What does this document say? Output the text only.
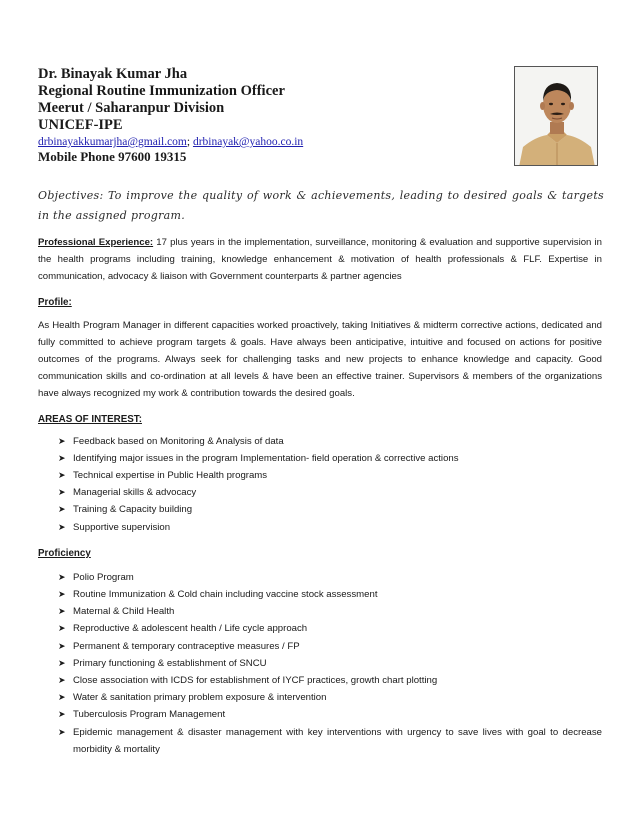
Dr. Binayak Kumar Jha
Regional Routine Immunization Officer
Meerut / Saharanpur Division
UNICEF-IPE
drbinayakkumarjha@gmail.com; drbinayak@yahoo.co.in
Mobile Phone 97600 19315
Objectives: To improve the quality of work & achievements, leading to desired goals & targets in the assigned program.

Professional Experience: 17 plus years in the implementation, surveillance, monitoring & evaluation and supportive supervision in the health programs including training, knowledge enhancement & motivation of health professionals & FLF. Expertise in communication, advocacy & liaison with Government counterparts & partner agencies

Profile:

As Health Program Manager in different capacities worked proactively, taking Initiatives & midterm corrective actions, dedicated and fully committed to achieve program targets & goals. Have always been anticipative, intuitive and focused on actions for positive outcomes of the programs. Always seek for challenging tasks and new projects to enhance knowledge and capacity. Good communication skills and co-ordination at all levels & have been an effective trainer. Supervisors & members of the organizations have always recognized my work & contribution towards the desired goals.

AREAS OF INTEREST:

➤ Feedback based on Monitoring & Analysis of data
➤ Identifying major issues in the program Implementation- field operation & corrective actions
➤ Technical expertise in Public Health programs
➤ Managerial skills & advocacy
➤ Training & Capacity building
➤ Supportive supervision

Proficiency

➤ Polio Program
➤ Routine Immunization & Cold chain including vaccine stock assessment
➤ Maternal & Child Health
➤ Reproductive & adolescent health / Life cycle approach
➤ Permanent & temporary contraceptive measures / FP
➤ Primary functioning & establishment of SNCU
➤ Close association with ICDS for establishment of IYCF practices, growth chart plotting
➤ Water & sanitation primary problem exposure & intervention
➤ Tuberculosis Program Management
➤ Epidemic management & disaster management with key interventions with urgency to save lives with goal to decrease morbidity & mortality
